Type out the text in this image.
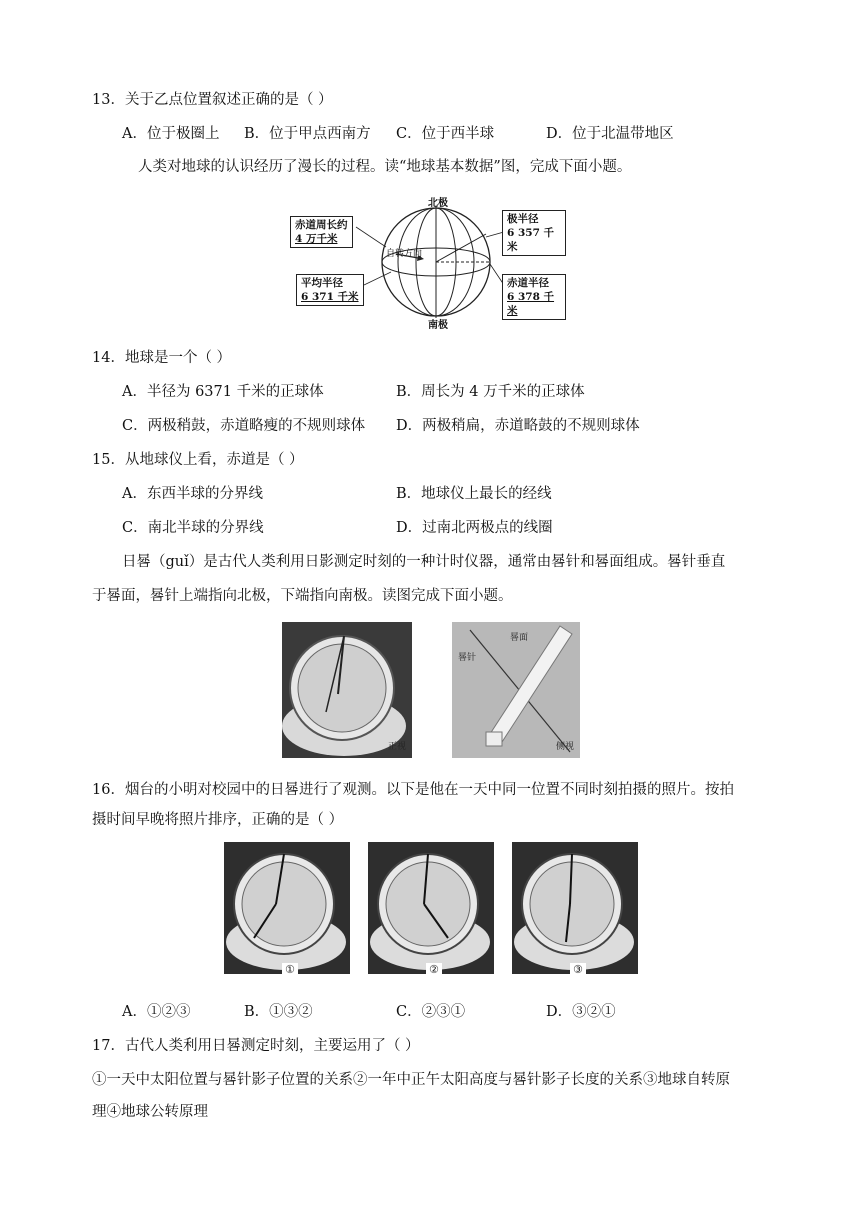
13．关于乙点位置叙述正确的是（ ）
A．位于极圈上 B．位于甲点西南方 C．位于西半球	D．位于北温带地区
人类对地球的认识经历了漫长的过程。读“地球基本数据”图，完成下面小题。
北极
南极
自转方向
赤道周长约
4 万千米
平均半径
6 371 千米
极半径
6 357 千米
赤道半径
6 378 千米
14．地球是一个（ ）
A．半径为 6371 千米的正球体	B．周长为 4 万千米的正球体
C．两极稍鼓，赤道略瘦的不规则球体 D．两极稍扁，赤道略鼓的不规则球体
15．从地球仪上看，赤道是（ ）
A．东西半球的分界线	B．地球仪上最长的经线
C．南北半球的分界线	D．过南北两极点的线圈
日晷（guǐ）是古代人类利用日影测定时刻的一种计时仪器，通常由晷针和晷面组成。晷针垂直
于晷面，晷针上端指向北极，下端指向南极。读图完成下面小题。
正视
晷面
晷针
侧视
16．烟台的小明对校园中的日晷进行了观测。以下是他在一天中同一位置不同时刻拍摄的照片。按拍
摄时间早晚将照片排序，正确的是（ ）
①	②	③
A．①②③	B．①③②	C．②③①	D．③②①
17．古代人类利用日晷测定时刻，主要运用了（ ）
①一天中太阳位置与晷针影子位置的关系②一年中正午太阳高度与晷针影子长度的关系③地球自转原
理④地球公转原理
